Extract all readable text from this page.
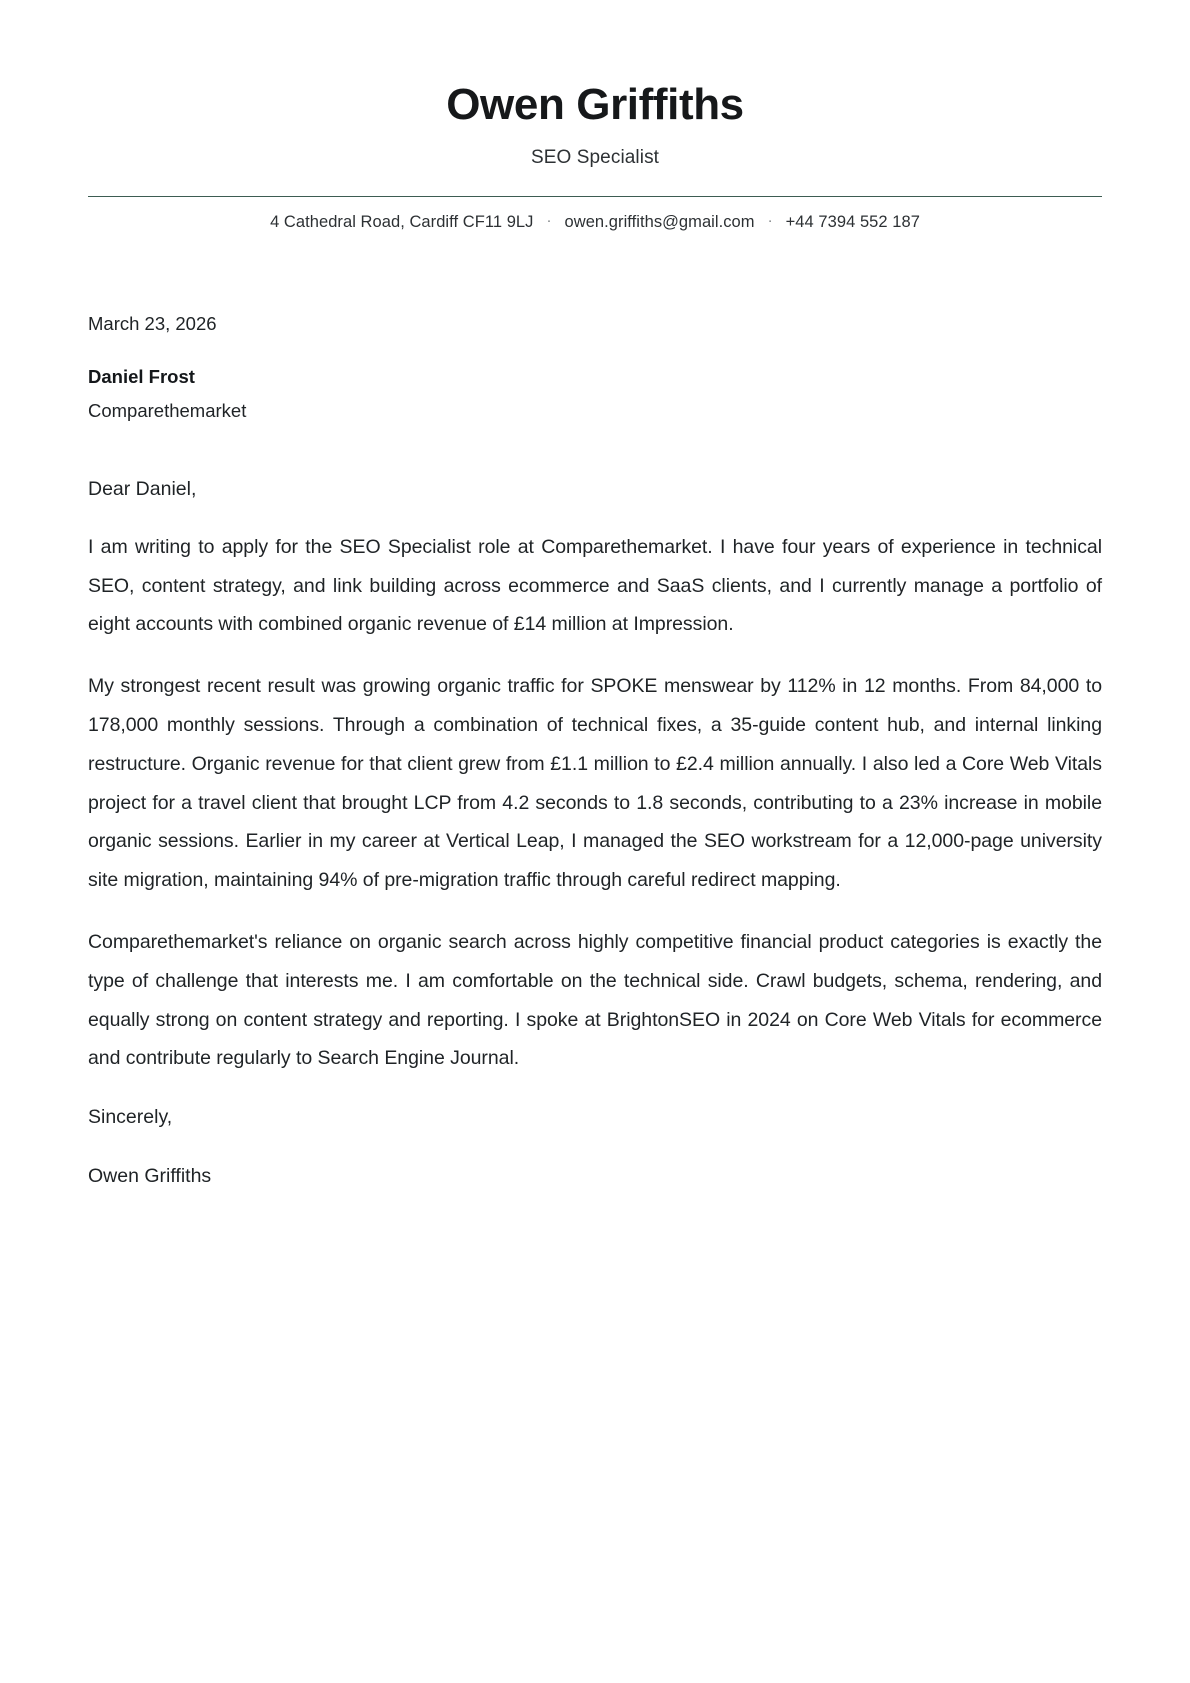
Owen Griffiths
SEO Specialist
4 Cathedral Road, Cardiff CF11 9LJ · owen.griffiths@gmail.com · +44 7394 552 187
March 23, 2026
Daniel Frost
Comparethemarket
Dear Daniel,

I am writing to apply for the SEO Specialist role at Comparethemarket. I have four years of experience in technical SEO, content strategy, and link building across ecommerce and SaaS clients, and I currently manage a portfolio of eight accounts with combined organic revenue of £14 million at Impression.

My strongest recent result was growing organic traffic for SPOKE menswear by 112% in 12 months. From 84,000 to 178,000 monthly sessions. Through a combination of technical fixes, a 35-guide content hub, and internal linking restructure. Organic revenue for that client grew from £1.1 million to £2.4 million annually. I also led a Core Web Vitals project for a travel client that brought LCP from 4.2 seconds to 1.8 seconds, contributing to a 23% increase in mobile organic sessions. Earlier in my career at Vertical Leap, I managed the SEO workstream for a 12,000-page university site migration, maintaining 94% of pre-migration traffic through careful redirect mapping.

Comparethemarket's reliance on organic search across highly competitive financial product categories is exactly the type of challenge that interests me. I am comfortable on the technical side. Crawl budgets, schema, rendering, and equally strong on content strategy and reporting. I spoke at BrightonSEO in 2024 on Core Web Vitals for ecommerce and contribute regularly to Search Engine Journal.

Sincerely,
Owen Griffiths
